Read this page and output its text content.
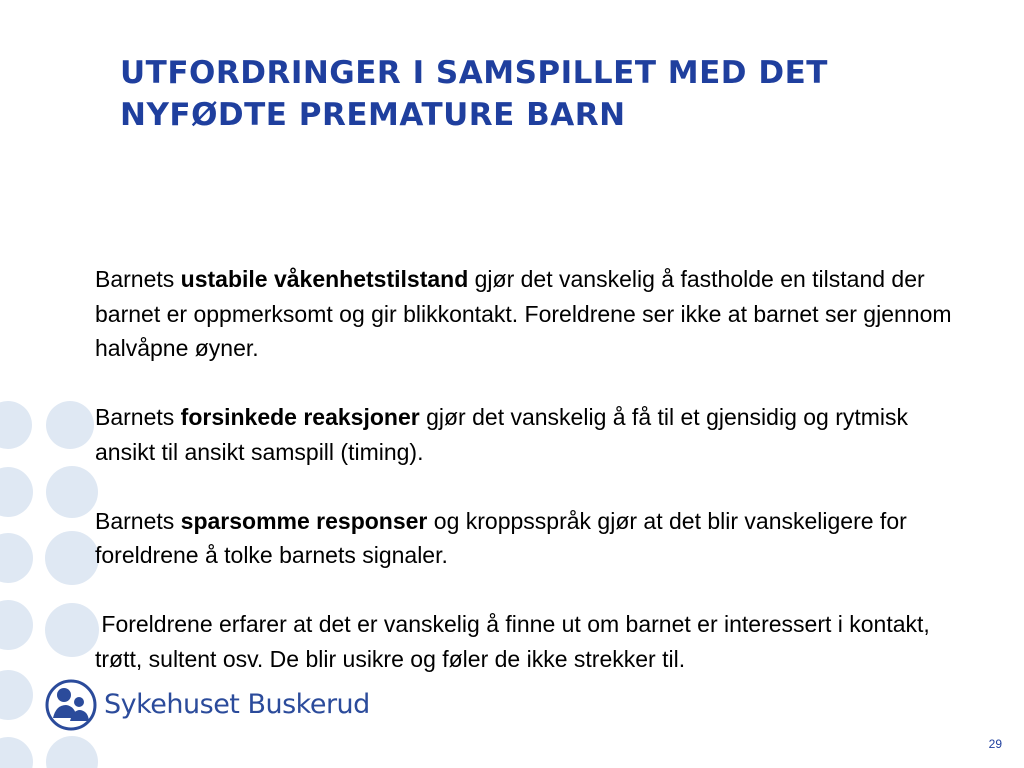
UTFORDRINGER I SAMSPILLET MED DET
NYFØDTE PREMATURE BARN

Barnets ustabile våkenhetstilstand gjør det vanskelig å fastholde en tilstand der barnet er oppmerksomt og gir blikkontakt. Foreldrene ser ikke at barnet ser gjennom halvåpne øyner.

Barnets forsinkede reaksjoner gjør det vanskelig å få til et gjensidig og rytmisk ansikt til ansikt samspill (timing).

Barnets sparsomme responser og kroppsspråk gjør at det blir vanskeligere for foreldrene å tolke barnets signaler.

Foreldrene erfarer at det er vanskelig å finne ut om barnet er interessert i kontakt, trøtt, sultent osv. De blir usikre og føler de ikke strekker til.

Sykehuset Buskerud
29
